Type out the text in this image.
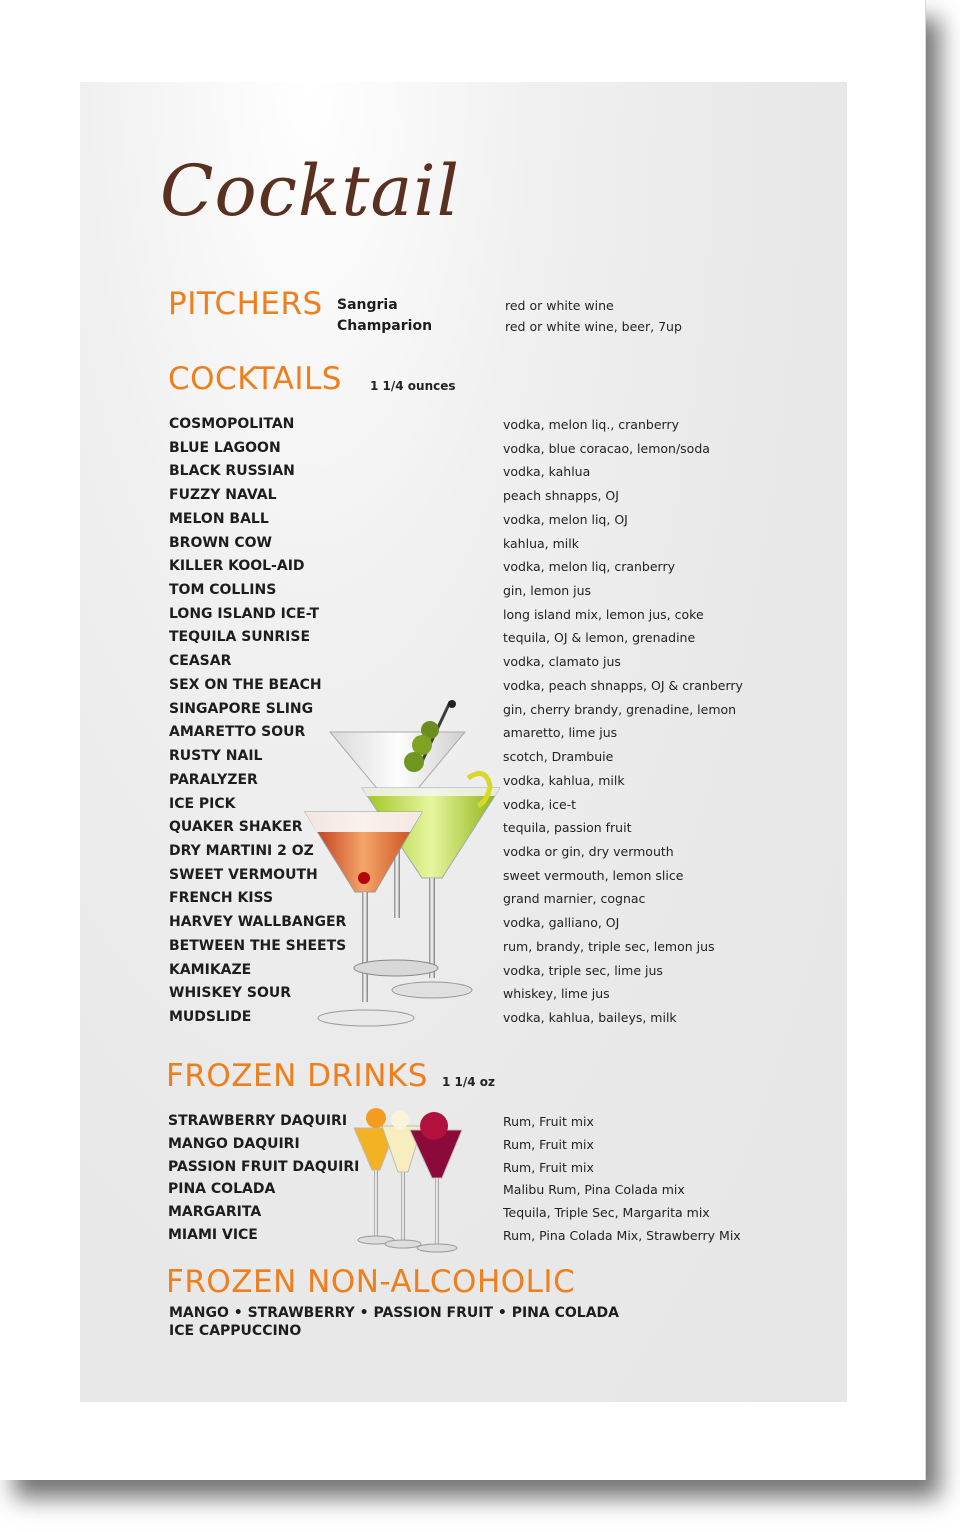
Cocktail
PITCHERS Sangria	red or white wine
Champarion	red or white wine, beer, 7up
COCKTAILS 1 1/4 ounces
COSMOPOLITAN	vodka, melon liq., cranberry
BLUE LAGOON	vodka, blue coracao, lemon/soda
BLACK RUSSIAN	vodka, kahlua
FUZZY NAVAL	peach shnapps, OJ
MELON BALL	vodka, melon liq, OJ
BROWN COW	kahlua, milk
KILLER KOOL-AID	vodka, melon liq, cranberry
TOM COLLINS	gin, lemon jus
LONG ISLAND ICE-T	long island mix, lemon jus, coke
TEQUILA SUNRISE	tequila, OJ & lemon, grenadine
CEASAR	vodka, clamato jus
SEX ON THE BEACH	vodka, peach shnapps, OJ & cranberry
SINGAPORE SLING	gin, cherry brandy, grenadine, lemon
AMARETTO SOUR	amaretto, lime jus
RUSTY NAIL	scotch, Drambuie
PARALYZER	vodka, kahlua, milk
ICE PICK	vodka, ice-t
QUAKER SHAKER	tequila, passion fruit
DRY MARTINI 2 OZ	vodka or gin, dry vermouth
SWEET VERMOUTH	sweet vermouth, lemon slice
FRENCH KISS	grand marnier, cognac
HARVEY WALLBANGER	vodka, galliano, OJ
BETWEEN THE SHEETS	rum, brandy, triple sec, lemon jus
KAMIKAZE	vodka, triple sec, lime jus
WHISKEY SOUR	whiskey, lime jus
MUDSLIDE	vodka, kahlua, baileys, milk
FROZEN DRINKS 1 1/4 oz
STRAWBERRY DAQUIRI	Rum, Fruit mix
MANGO DAQUIRI	Rum, Fruit mix
PASSION FRUIT DAQUIRI	Rum, Fruit mix
PINA COLADA	Malibu Rum, Pina Colada mix
MARGARITA	Tequila, Triple Sec, Margarita mix
MIAMI VICE	Rum, Pina Colada Mix, Strawberry Mix
FROZEN NON-ALCOHOLIC
MANGO • STRAWBERRY • PASSION FRUIT • PINA COLADA
ICE CAPPUCCINO
